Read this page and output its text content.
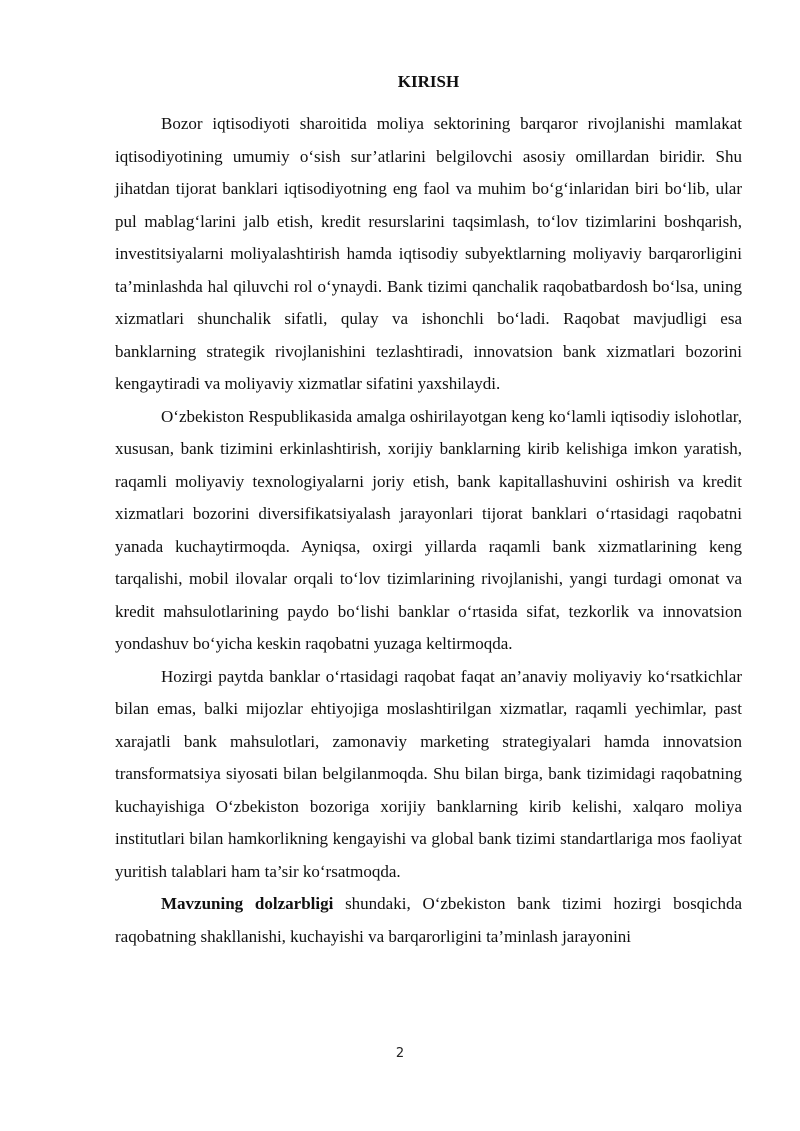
KIRISH

Bozor iqtisodiyoti sharoitida moliya sektorining barqaror rivojlanishi mamlakat iqtisodiyotining umumiy o‘sish sur’atlarini belgilovchi asosiy omillardan biridir. Shu jihatdan tijorat banklari iqtisodiyotning eng faol va muhim bo‘g‘inlaridan biri bo‘lib, ular pul mablag‘larini jalb etish, kredit resurslarini taqsimlash, to‘lov tizimlarini boshqarish, investitsiyalarni moliyalashtirish hamda iqtisodiy subyektlarning moliyaviy barqarorligini ta’minlashda hal qiluvchi rol o‘ynaydi. Bank tizimi qanchalik raqobatbardosh bo‘lsa, uning xizmatlari shunchalik sifatli, qulay va ishonchli bo‘ladi. Raqobat mavjudligi esa banklarning strategik rivojlanishini tezlashtiradi, innovatsion bank xizmatlari bozorini kengaytiradi va moliyaviy xizmatlar sifatini yaxshilaydi.

O‘zbekiston Respublikasida amalga oshirilayotgan keng ko‘lamli iqtisodiy islohotlar, xususan, bank tizimini erkinlashtirish, xorijiy banklarning kirib kelishiga imkon yaratish, raqamli moliyaviy texnologiyalarni joriy etish, bank kapitallashuvini oshirish va kredit xizmatlari bozorini diversifikatsiyalash jarayonlari tijorat banklari o‘rtasidagi raqobatni yanada kuchaytirmoqda. Ayniqsa, oxirgi yillarda raqamli bank xizmatlarining keng tarqalishi, mobil ilovalar orqali to‘lov tizimlarining rivojlanishi, yangi turdagi omonat va kredit mahsulotlarining paydo bo‘lishi banklar o‘rtasida sifat, tezkorlik va innovatsion yondashuv bo‘yicha keskin raqobatni yuzaga keltirmoqda.

Hozirgi paytda banklar o‘rtasidagi raqobat faqat an’anaviy moliyaviy ko‘rsatkichlar bilan emas, balki mijozlar ehtiyojiga moslashtirilgan xizmatlar, raqamli yechimlar, past xarajatli bank mahsulotlari, zamonaviy marketing strategiyalari hamda innovatsion transformatsiya siyosati bilan belgilanmoqda. Shu bilan birga, bank tizimidagi raqobatning kuchayishiga O‘zbekiston bozoriga xorijiy banklarning kirib kelishi, xalqaro moliya institutlari bilan hamkorlikning kengayishi va global bank tizimi standartlariga mos faoliyat yuritish talablari ham ta’sir ko‘rsatmoqda.

Mavzuning dolzarbligi shundaki, O‘zbekiston bank tizimi hozirgi bosqichda raqobatning shakllanishi, kuchayishi va barqarorligini ta’minlash jarayonini

2
